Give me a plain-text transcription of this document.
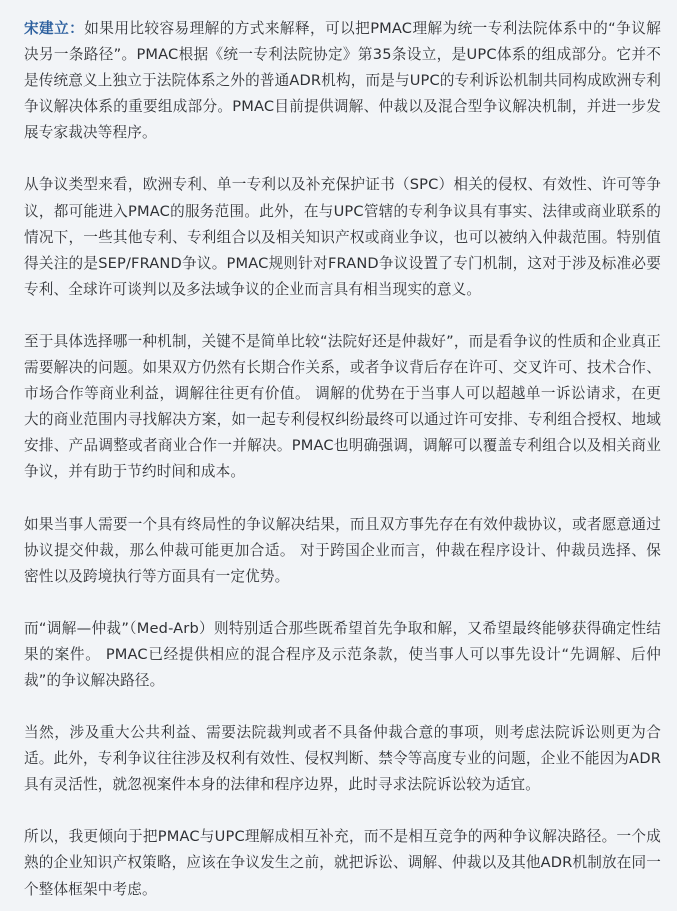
宋建立：如果用比较容易理解的方式来解释，可以把PMAC理解为统一专利法院体系中的“争议解决另一条路径”。PMAC根据《统一专利法院协定》第35条设立，是UPC体系的组成部分。它并不是传统意义上独立于法院体系之外的普通ADR机构，而是与UPC的专利诉讼机制共同构成欧洲专利争议解决体系的重要组成部分。PMAC目前提供调解、仲裁以及混合型争议解决机制，并进一步发展专家裁决等程序。

从争议类型来看，欧洲专利、单一专利以及补充保护证书（SPC）相关的侵权、有效性、许可等争议，都可能进入PMAC的服务范围。此外，在与UPC管辖的专利争议具有事实、法律或商业联系的情况下，一些其他专利、专利组合以及相关知识产权或商业争议，也可以被纳入仲裁范围。特别值得关注的是SEP/FRAND争议。PMAC规则针对FRAND争议设置了专门机制，这对于涉及标准必要专利、全球许可谈判以及多法域争议的企业而言具有相当现实的意义。

至于具体选择哪一种机制，关键不是简单比较“法院好还是仲裁好”，而是看争议的性质和企业真正需要解决的问题。如果双方仍然有长期合作关系，或者争议背后存在许可、交叉许可、技术合作、市场合作等商业利益，调解往往更有价值。 调解的优势在于当事人可以超越单一诉讼请求，在更大的商业范围内寻找解决方案，如一起专利侵权纠纷最终可以通过许可安排、专利组合授权、地域安排、产品调整或者商业合作一并解决。PMAC也明确强调，调解可以覆盖专利组合以及相关商业争议，并有助于节约时间和成本。

如果当事人需要一个具有终局性的争议解决结果，而且双方事先存在有效仲裁协议，或者愿意通过协议提交仲裁，那么仲裁可能更加合适。 对于跨国企业而言，仲裁在程序设计、仲裁员选择、保密性以及跨境执行等方面具有一定优势。

而“调解—仲裁”（Med-Arb）则特别适合那些既希望首先争取和解，又希望最终能够获得确定性结果的案件。 PMAC已经提供相应的混合程序及示范条款，使当事人可以事先设计“先调解、后仲裁”的争议解决路径。

当然，涉及重大公共利益、需要法院裁判或者不具备仲裁合意的事项，则考虑法院诉讼则更为合适。此外，专利争议往往涉及权利有效性、侵权判断、禁令等高度专业的问题，企业不能因为ADR具有灵活性，就忽视案件本身的法律和程序边界，此时寻求法院诉讼较为适宜。

所以，我更倾向于把PMAC与UPC理解成相互补充，而不是相互竞争的两种争议解决路径。一个成熟的企业知识产权策略，应该在争议发生之前，就把诉讼、调解、仲裁以及其他ADR机制放在同一个整体框架中考虑。
